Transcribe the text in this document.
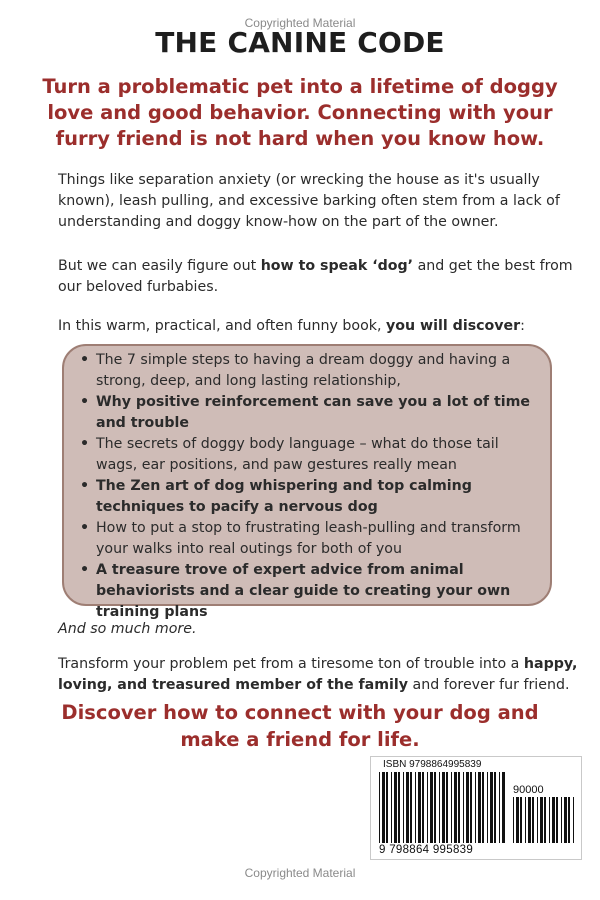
Copyrighted Material
THE CANINE CODE
Turn a problematic pet into a lifetime of doggy love and good behavior. Connecting with your furry friend is not hard when you know how.
Things like separation anxiety (or wrecking the house as it's usually known), leash pulling, and excessive barking often stem from a lack of understanding and doggy know-how on the part of the owner.
But we can easily figure out how to speak ‘dog’ and get the best from our beloved furbabies.
In this warm, practical, and often funny book, you will discover:
• The 7 simple steps to having a dream doggy and having a strong, deep, and long lasting relationship,
• Why positive reinforcement can save you a lot of time and trouble
• The secrets of doggy body language – what do those tail wags, ear positions, and paw gestures really mean
• The Zen art of dog whispering and top calming techniques to pacify a nervous dog
• How to put a stop to frustrating leash-pulling and transform your walks into real outings for both of you
• A treasure trove of expert advice from animal behaviorists and a clear guide to creating your own training plans
And so much more.
Transform your problem pet from a tiresome ton of trouble into a happy, loving, and treasured member of the family and forever fur friend.
Discover how to connect with your dog and make a friend for life.
ISBN 9798864995839
90000
9 798864 995839
Copyrighted Material
